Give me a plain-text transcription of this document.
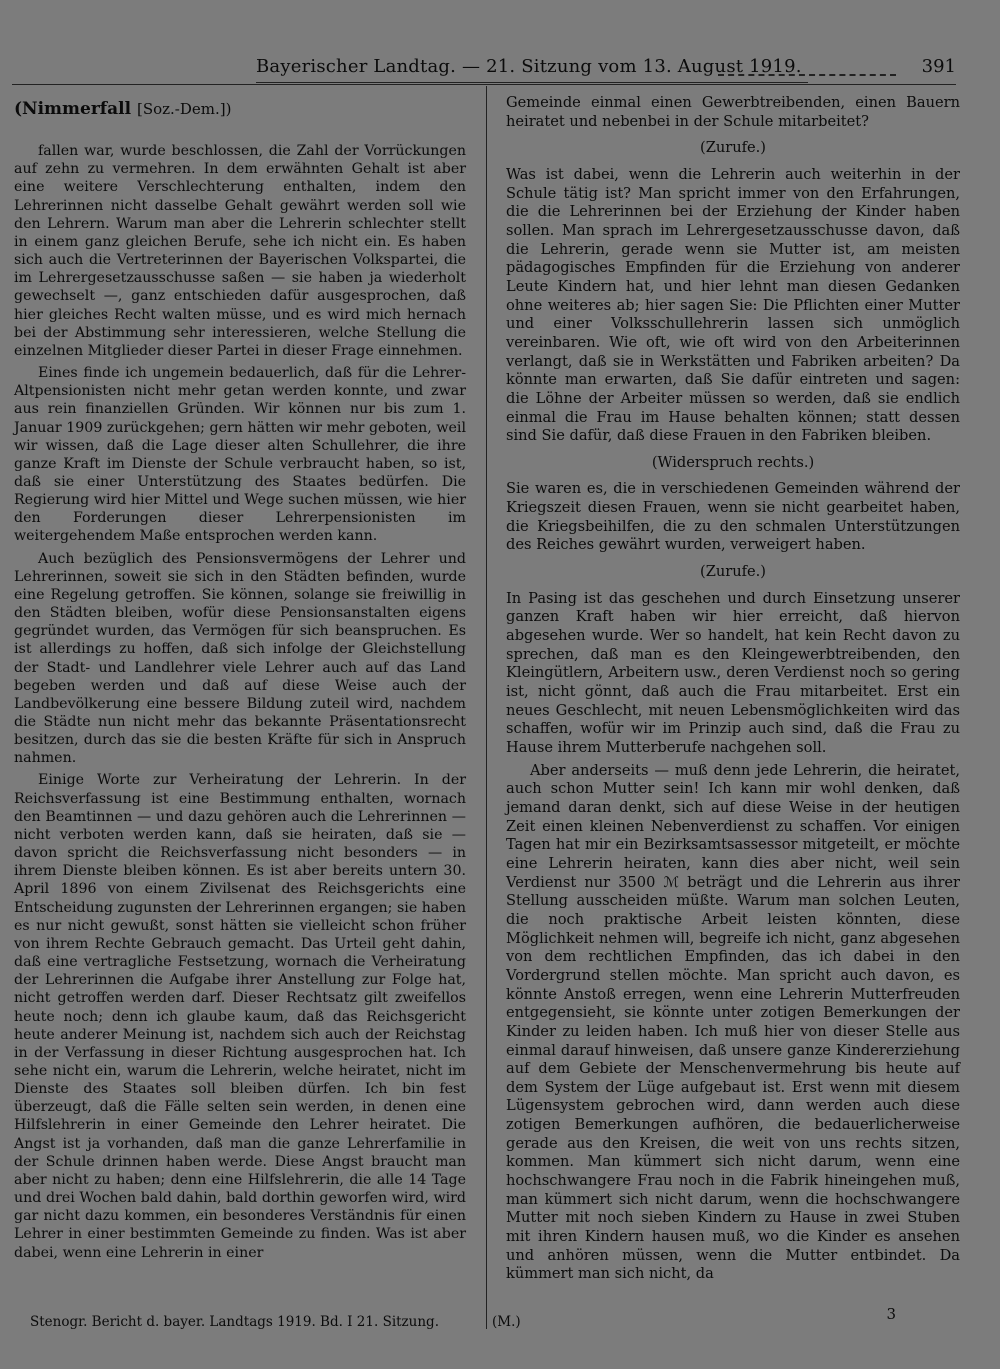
Bayerischer Landtag. — 21. Sitzung vom 13. August 1919.	391

(Nimmerfall [Soz.-Dem.])

fallen war, wurde beschlossen, die Zahl der Vorrückungen auf zehn zu vermehren. In dem erwähnten Gehalt ist aber eine weitere Verschlechterung enthalten, indem den Lehrerinnen nicht dasselbe Gehalt gewährt werden soll wie den Lehrern. Warum man aber die Lehrerin schlechter stellt in einem ganz gleichen Berufe, sehe ich nicht ein. Es haben sich auch die Vertreterinnen der Bayerischen Volkspartei, die im Lehrergesetzausschusse saßen — sie haben ja wiederholt gewechselt —, ganz entschieden dafür ausgesprochen, daß hier gleiches Recht walten müsse, und es wird mich hernach bei der Abstimmung sehr interessieren, welche Stellung die einzelnen Mitglieder dieser Partei in dieser Frage einnehmen.

Eines finde ich ungemein bedauerlich, daß für die Lehrer-Altpensionisten nicht mehr getan werden konnte, und zwar aus rein finanziellen Gründen. Wir können nur bis zum 1. Januar 1909 zurückgehen; gern hätten wir mehr geboten, weil wir wissen, daß die Lage dieser alten Schullehrer, die ihre ganze Kraft im Dienste der Schule verbraucht haben, so ist, daß sie einer Unterstützung des Staates bedürfen. Die Regierung wird hier Mittel und Wege suchen müssen, wie hier den Forderungen dieser Lehrerpensionisten im weitergehendem Maße entsprochen werden kann.

Auch bezüglich des Pensionsvermögens der Lehrer und Lehrerinnen, soweit sie sich in den Städten befinden, wurde eine Regelung getroffen. Sie können, solange sie freiwillig in den Städten bleiben, wofür diese Pensionsanstalten eigens gegründet wurden, das Vermögen für sich beanspruchen. Es ist allerdings zu hoffen, daß sich infolge der Gleichstellung der Stadt- und Landlehrer viele Lehrer auch auf das Land begeben werden und daß auf diese Weise auch der Landbevölkerung eine bessere Bildung zuteil wird, nachdem die Städte nun nicht mehr das bekannte Präsentationsrecht besitzen, durch das sie die besten Kräfte für sich in Anspruch nahmen.

Einige Worte zur Verheiratung der Lehrerin. In der Reichsverfassung ist eine Bestimmung enthalten, wornach den Beamtinnen — und dazu gehören auch die Lehrerinnen — nicht verboten werden kann, daß sie heiraten, daß sie — davon spricht die Reichsverfassung nicht besonders — in ihrem Dienste bleiben können. Es ist aber bereits untern 30. April 1896 von einem Zivilsenat des Reichsgerichts eine Entscheidung zugunsten der Lehrerinnen ergangen; sie haben es nur nicht gewußt, sonst hätten sie vielleicht schon früher von ihrem Rechte Gebrauch gemacht. Das Urteil geht dahin, daß eine vertragliche Festsetzung, wornach die Verheiratung der Lehrerinnen die Aufgabe ihrer Anstellung zur Folge hat, nicht getroffen werden darf. Dieser Rechtsatz gilt zweifellos heute noch; denn ich glaube kaum, daß das Reichsgericht heute anderer Meinung ist, nachdem sich auch der Reichstag in der Verfassung in dieser Richtung ausgesprochen hat. Ich sehe nicht ein, warum die Lehrerin, welche heiratet, nicht im Dienste des Staates soll bleiben dürfen. Ich bin fest überzeugt, daß die Fälle selten sein werden, in denen eine Hilfslehrerin in einer Gemeinde den Lehrer heiratet. Die Angst ist ja vorhanden, daß man die ganze Lehrerfamilie in der Schule drinnen haben werde. Diese Angst braucht man aber nicht zu haben; denn eine Hilfslehrerin, die alle 14 Tage und drei Wochen bald dahin, bald dorthin geworfen wird, wird gar nicht dazu kommen, ein besonderes Verständnis für einen Lehrer in einer bestimmten Gemeinde zu finden. Was ist aber dabei, wenn eine Lehrerin in einer

Gemeinde einmal einen Gewerbtreibenden, einen Bauern heiratet und nebenbei in der Schule mitarbeitet?

(Zurufe.)

Was ist dabei, wenn die Lehrerin auch weiterhin in der Schule tätig ist? Man spricht immer von den Erfahrungen, die die Lehrerinnen bei der Erziehung der Kinder haben sollen. Man sprach im Lehrergesetzausschusse davon, daß die Lehrerin, gerade wenn sie Mutter ist, am meisten pädagogisches Empfinden für die Erziehung von anderer Leute Kindern hat, und hier lehnt man diesen Gedanken ohne weiteres ab; hier sagen Sie: Die Pflichten einer Mutter und einer Volksschullehrerin lassen sich unmöglich vereinbaren. Wie oft, wie oft wird von den Arbeiterinnen verlangt, daß sie in Werkstätten und Fabriken arbeiten? Da könnte man erwarten, daß Sie dafür eintreten und sagen: die Löhne der Arbeiter müssen so werden, daß sie endlich einmal die Frau im Hause behalten können; statt dessen sind Sie dafür, daß diese Frauen in den Fabriken bleiben.

(Widerspruch rechts.)

Sie waren es, die in verschiedenen Gemeinden während der Kriegszeit diesen Frauen, wenn sie nicht gearbeitet haben, die Kriegsbeihilfen, die zu den schmalen Unterstützungen des Reiches gewährt wurden, verweigert haben.

(Zurufe.)

In Pasing ist das geschehen und durch Einsetzung unserer ganzen Kraft haben wir hier erreicht, daß hiervon abgesehen wurde. Wer so handelt, hat kein Recht davon zu sprechen, daß man es den Kleingewerbtreibenden, den Kleingütlern, Arbeitern usw., deren Verdienst noch so gering ist, nicht gönnt, daß auch die Frau mitarbeitet. Erst ein neues Geschlecht, mit neuen Lebensmöglichkeiten wird das schaffen, wofür wir im Prinzip auch sind, daß die Frau zu Hause ihrem Mutterberufe nachgehen soll.

Aber anderseits — muß denn jede Lehrerin, die heiratet, auch schon Mutter sein! Ich kann mir wohl denken, daß jemand daran denkt, sich auf diese Weise in der heutigen Zeit einen kleinen Nebenverdienst zu schaffen. Vor einigen Tagen hat mir ein Bezirksamtsassessor mitgeteilt, er möchte eine Lehrerin heiraten, kann dies aber nicht, weil sein Verdienst nur 3500 ℳ beträgt und die Lehrerin aus ihrer Stellung ausscheiden müßte. Warum man solchen Leuten, die noch praktische Arbeit leisten könnten, diese Möglichkeit nehmen will, begreife ich nicht, ganz abgesehen von dem rechtlichen Empfinden, das ich dabei in den Vordergrund stellen möchte. Man spricht auch davon, es könnte Anstoß erregen, wenn eine Lehrerin Mutterfreuden entgegensieht, sie könnte unter zotigen Bemerkungen der Kinder zu leiden haben. Ich muß hier von dieser Stelle aus einmal darauf hinweisen, daß unsere ganze Kindererziehung auf dem Gebiete der Menschenvermehrung bis heute auf dem System der Lüge aufgebaut ist. Erst wenn mit diesem Lügensystem gebrochen wird, dann werden auch diese zotigen Bemerkungen aufhören, die bedauerlicherweise gerade aus den Kreisen, die weit von uns rechts sitzen, kommen. Man kümmert sich nicht darum, wenn eine hochschwangere Frau noch in die Fabrik hineingehen muß, man kümmert sich nicht darum, wenn die hochschwangere Mutter mit noch sieben Kindern zu Hause in zwei Stuben mit ihren Kindern hausen muß, wo die Kinder es ansehen und anhören müssen, wenn die Mutter entbindet. Da kümmert man sich nicht, da

Stenogr. Bericht d. bayer. Landtags 1919. Bd. I 21. Sitzung.	(M.)	3
